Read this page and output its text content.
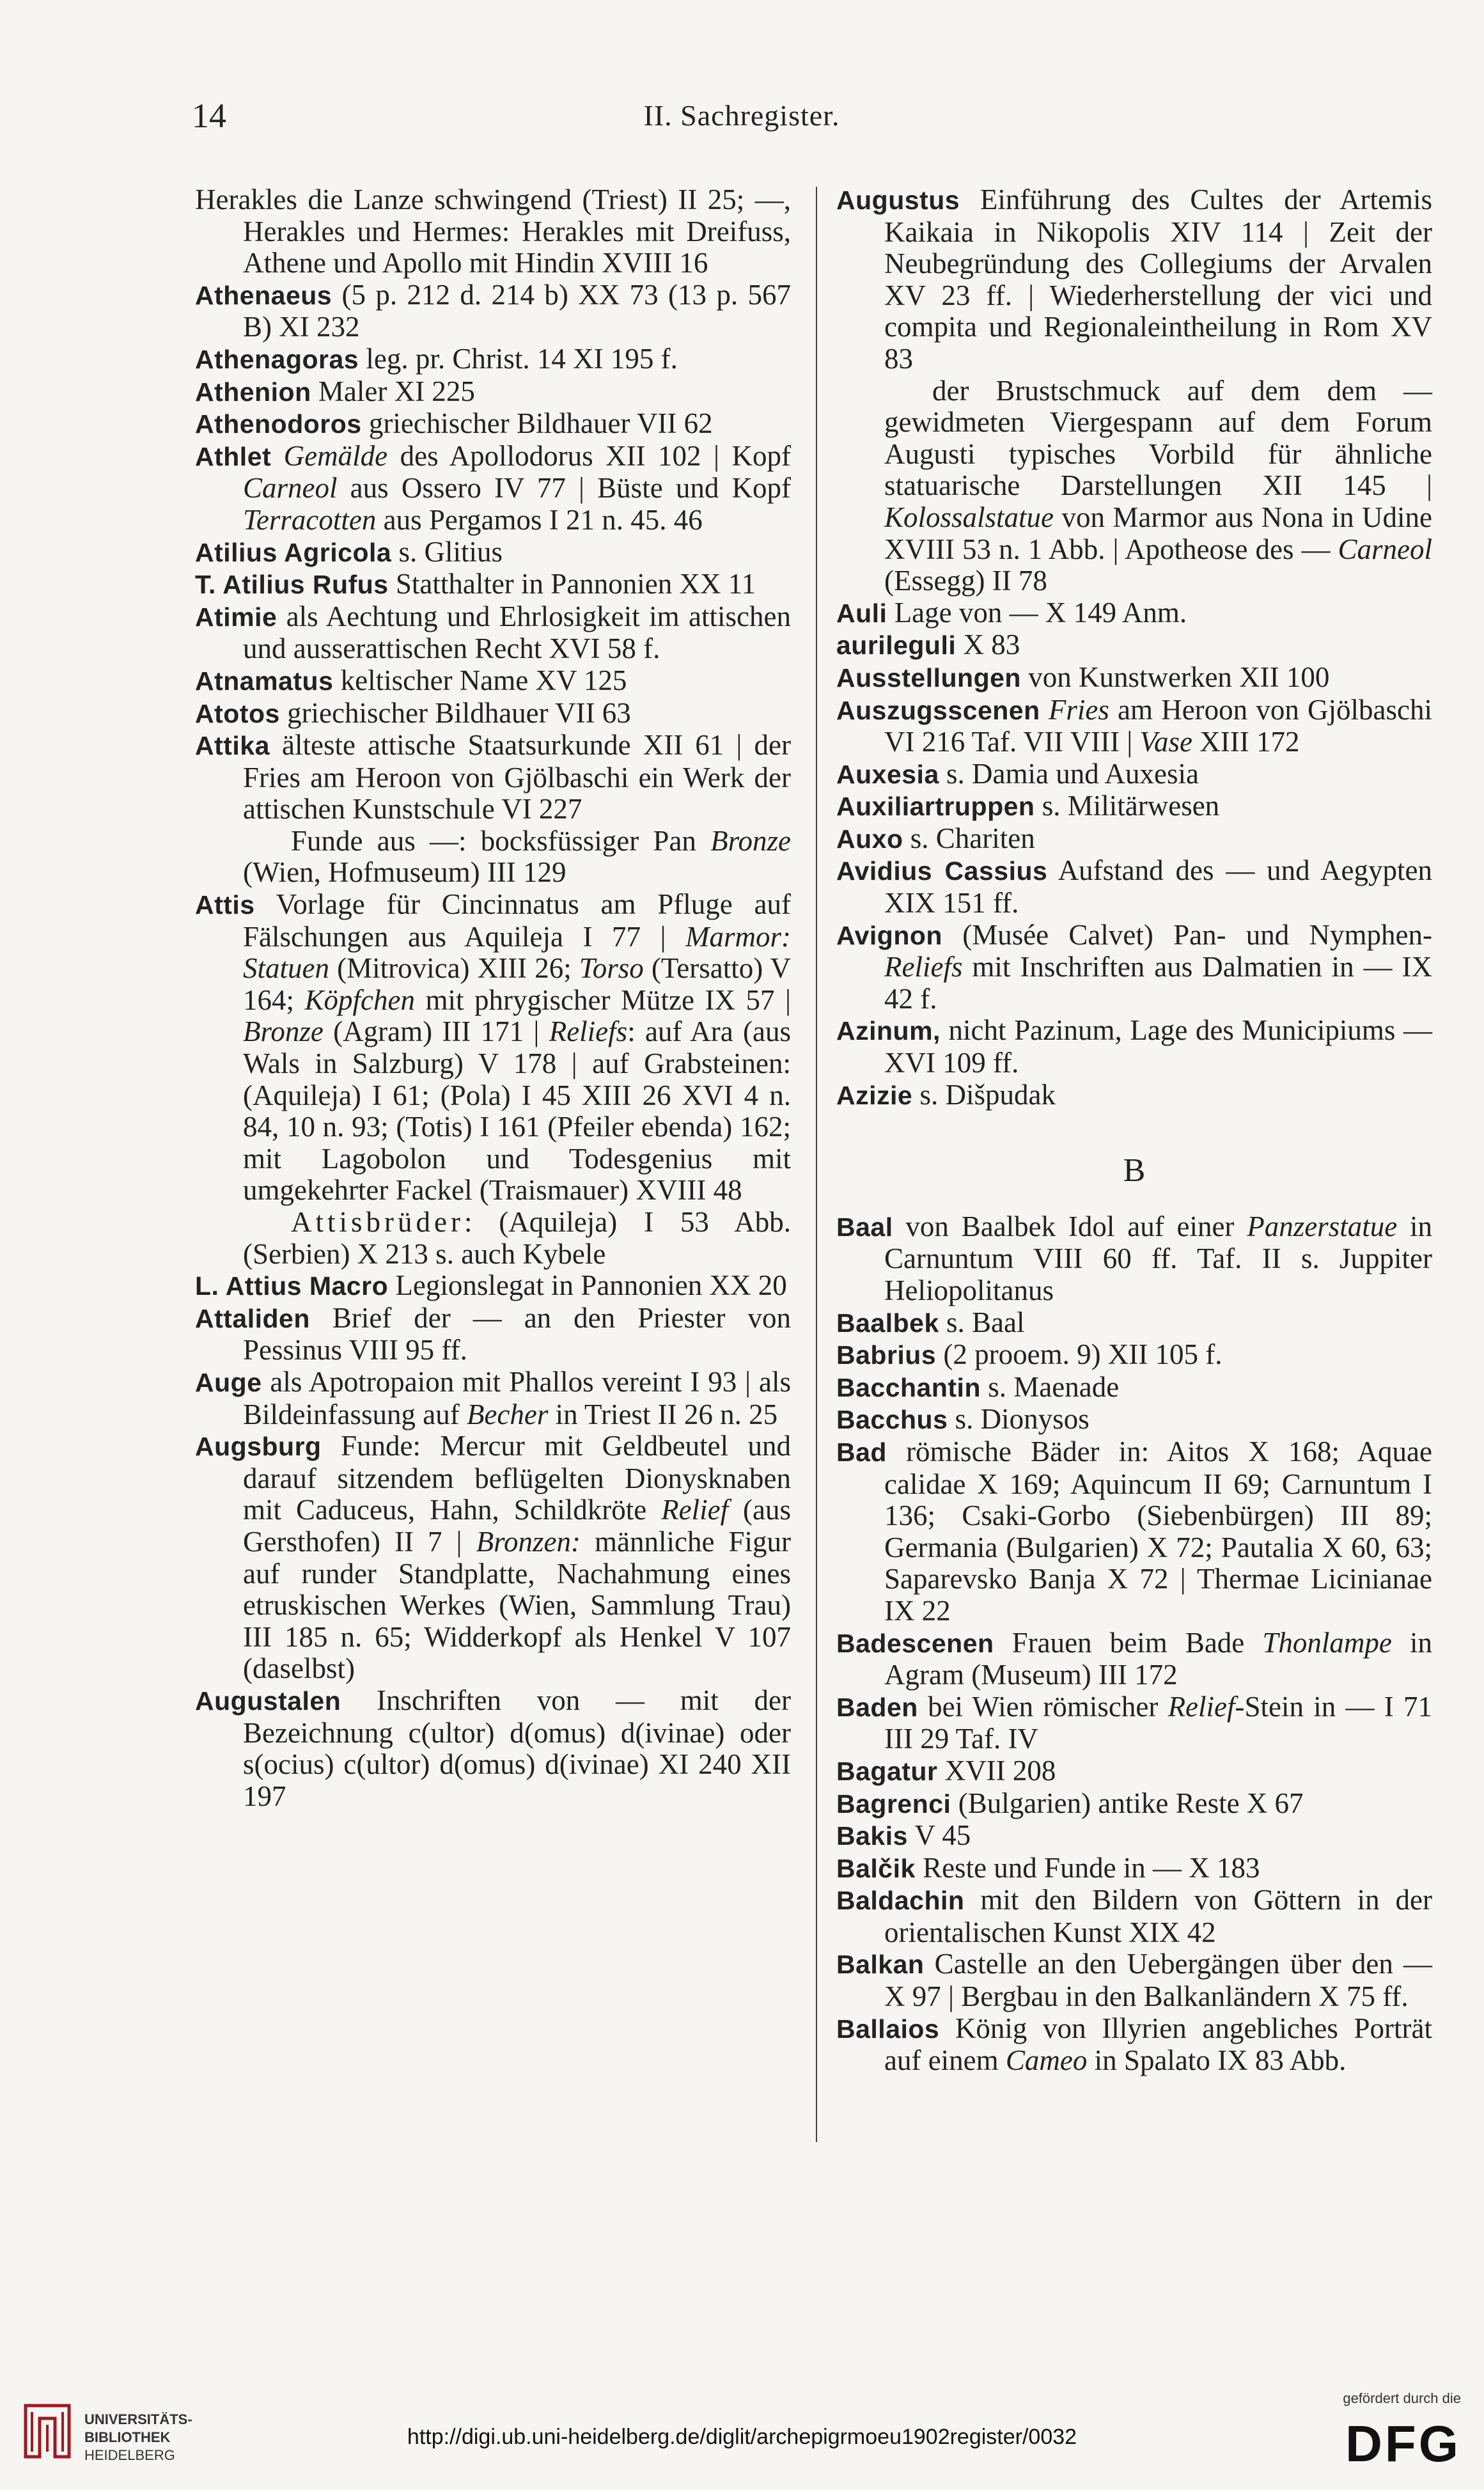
14	II. Sachregister.

Herakles die Lanze schwingend (Triest) II 25; —, Herakles und Hermes: Herakles mit Dreifuss, Athene und Apollo mit Hindin XVIII 16

Athenaeus (5 p. 212 d. 214 b) XX 73 (13 p. 567 B) XI 232

Athenagoras leg. pr. Christ. 14 XI 195 f.

Athenion Maler XI 225

Athenodoros griechischer Bildhauer VII 62

Athlet Gemälde des Apollodorus XII 102 | Kopf Carneol aus Ossero IV 77 | Büste und Kopf Terracotten aus Pergamos I 21 n. 45. 46

Atilius Agricola s. Glitius

T. Atilius Rufus Statthalter in Pannonien XX 11

Atimie als Aechtung und Ehrlosigkeit im attischen und ausserattischen Recht XVI 58 f.

Atnamatus keltischer Name XV 125

Atotos griechischer Bildhauer VII 63

Attika älteste attische Staatsurkunde XII 61 | der Fries am Heroon von Gjölbaschi ein Werk der attischen Kunstschule VI 227

Funde aus —: bocksfüssiger Pan Bronze (Wien, Hofmuseum) III 129

Attis Vorlage für Cincinnatus am Pfluge auf Fälschungen aus Aquileja I 77 | Marmor: Statuen (Mitrovica) XIII 26; Torso (Tersatto) V 164; Köpfchen mit phrygischer Mütze IX 57 | Bronze (Agram) III 171 | Reliefs: auf Ara (aus Wals in Salzburg) V 178 | auf Grabsteinen: (Aquileja) I 61; (Pola) I 45 XIII 26 XVI 4 n. 84, 10 n. 93; (Totis) I 161 (Pfeiler ebenda) 162; mit Lagobolon und Todesgenius mit umgekehrter Fackel (Traismauer) XVIII 48

Attisbrüder: (Aquileja) I 53 Abb. (Serbien) X 213 s. auch Kybele

L. Attius Macro Legionslegat in Pannonien XX 20

Attaliden Brief der — an den Priester von Pessinus VIII 95 ff.

Auge als Apotropaion mit Phallos vereint I 93 | als Bildeinfassung auf Becher in Triest II 26 n. 25

Augsburg Funde: Mercur mit Geldbeutel und darauf sitzendem beflügelten Dionysknaben mit Caduceus, Hahn, Schildkröte Relief (aus Gersthofen) II 7 | Bronzen: männliche Figur auf runder Standplatte, Nachahmung eines etruskischen Werkes (Wien, Sammlung Trau) III 185 n. 65; Widderkopf als Henkel V 107 (daselbst)

Augustalen Inschriften von — mit der Bezeichnung c(ultor) d(omus) d(ivinae) oder s(ocius) c(ultor) d(omus) d(ivinae) XI 240 XII 197

Augustus Einführung des Cultes der Artemis Kaikaia in Nikopolis XIV 114 | Zeit der Neubegründung des Collegiums der Arvalen XV 23 ff. | Wiederherstellung der vici und compita und Regionaleintheilung in Rom XV 83

der Brustschmuck auf dem dem — gewidmeten Viergespann auf dem Forum Augusti typisches Vorbild für ähnliche statuarische Darstellungen XII 145 | Kolossalstatue von Marmor aus Nona in Udine XVIII 53 n. 1 Abb. | Apotheose des — Carneol (Essegg) II 78

Auli Lage von — X 149 Anm.

aurileguli X 83

Ausstellungen von Kunstwerken XII 100

Auszugsscenen Fries am Heroon von Gjölbaschi VI 216 Taf. VII VIII | Vase XIII 172

Auxesia s. Damia und Auxesia

Auxiliartruppen s. Militärwesen

Auxo s. Chariten

Avidius Cassius Aufstand des — und Aegypten XIX 151 ff.

Avignon (Musée Calvet) Pan- und Nymphen-Reliefs mit Inschriften aus Dalmatien in — IX 42 f.

Azinum, nicht Pazinum, Lage des Municipiums — XVI 109 ff.

Azizie s. Dišpudak

B

Baal von Baalbek Idol auf einer Panzerstatue in Carnuntum VIII 60 ff. Taf. II s. Juppiter Heliopolitanus

Baalbek s. Baal

Babrius (2 prooem. 9) XII 105 f.

Bacchantin s. Maenade

Bacchus s. Dionysos

Bad römische Bäder in: Aitos X 168; Aquae calidae X 169; Aquincum II 69; Carnuntum I 136; Csaki-Gorbo (Siebenbürgen) III 89; Germania (Bulgarien) X 72; Pautalia X 60, 63; Saparevsko Banja X 72 | Thermae Licinianae IX 22

Badescenen Frauen beim Bade Thonlampe in Agram (Museum) III 172

Baden bei Wien römischer Relief-Stein in — I 71 III 29 Taf. IV

Bagatur XVII 208

Bagrenci (Bulgarien) antike Reste X 67

Bakis V 45

Balčik Reste und Funde in — X 183

Baldachin mit den Bildern von Göttern in der orientalischen Kunst XIX 42

Balkan Castelle an den Uebergängen über den — X 97 | Bergbau in den Balkanländern X 75 ff.

Ballaios König von Illyrien angebliches Porträt auf einem Cameo in Spalato IX 83 Abb.

UNIVERSITÄTS-
BIBLIOTHEK
HEIDELBERG
http://digi.ub.uni-heidelberg.de/diglit/archepigrmoeu1902register/0032
gefördert durch die
DFG
